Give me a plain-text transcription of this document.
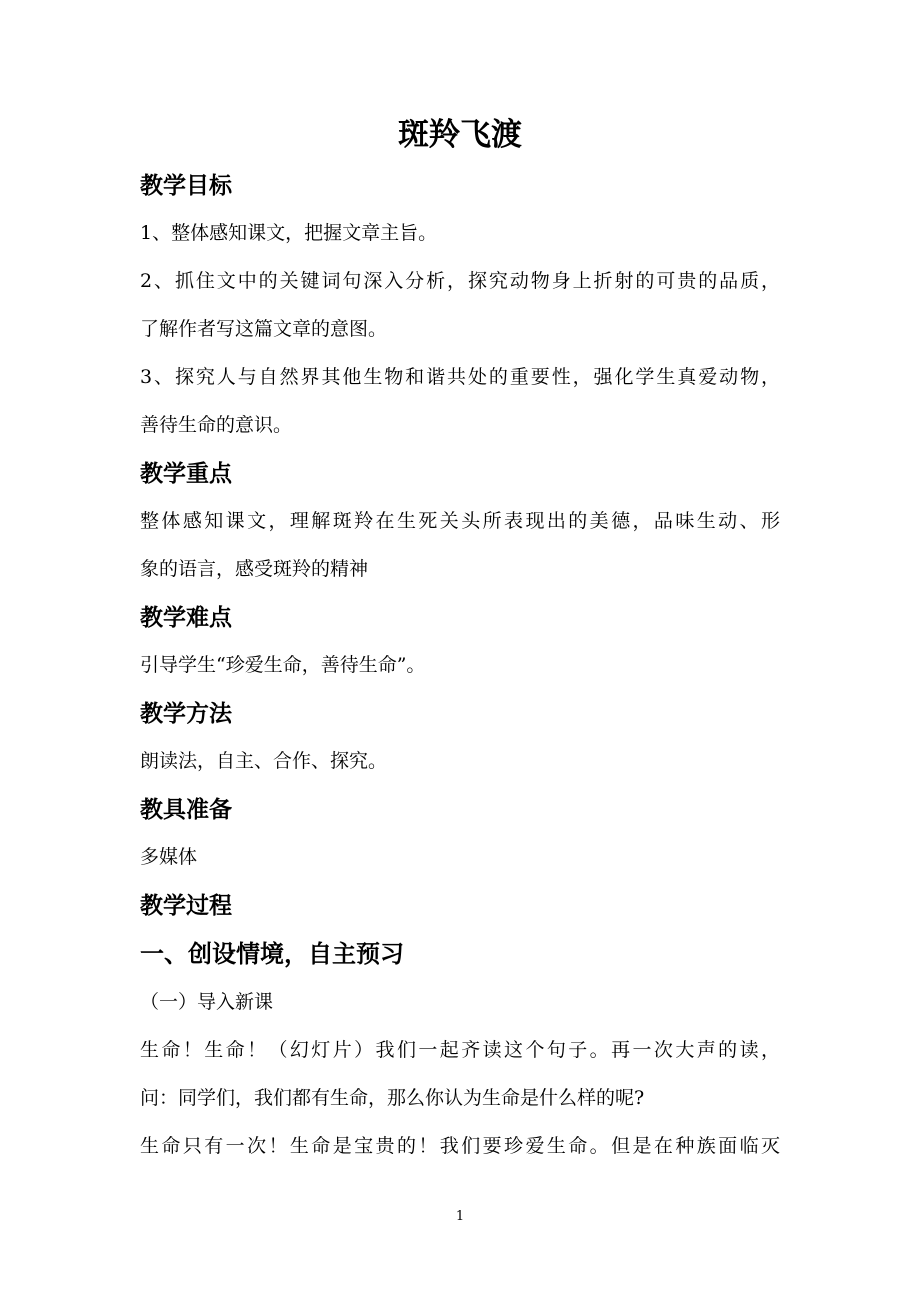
斑羚飞渡
教学目标

1、整体感知课文，把握文章主旨。

2、抓住文中的关键词句深入分析，探究动物身上折射的可贵的品质，

了解作者写这篇文章的意图。

3、探究人与自然界其他生物和谐共处的重要性，强化学生真爱动物，

善待生命的意识。

教学重点

整体感知课文，理解斑羚在生死关头所表现出的美德，品味生动、形

象的语言，感受斑羚的精神

教学难点

引导学生“珍爱生命，善待生命”。

教学方法

朗读法，自主、合作、探究。

教具准备

多媒体

教学过程
一、创设情境，自主预习

（一）导入新课

生命！生命！（幻灯片）我们一起齐读这个句子。再一次大声的读，

问：同学们，我们都有生命，那么你认为生命是什么样的呢?

生命只有一次！生命是宝贵的！我们要珍爱生命。但是在种族面临灭

1
